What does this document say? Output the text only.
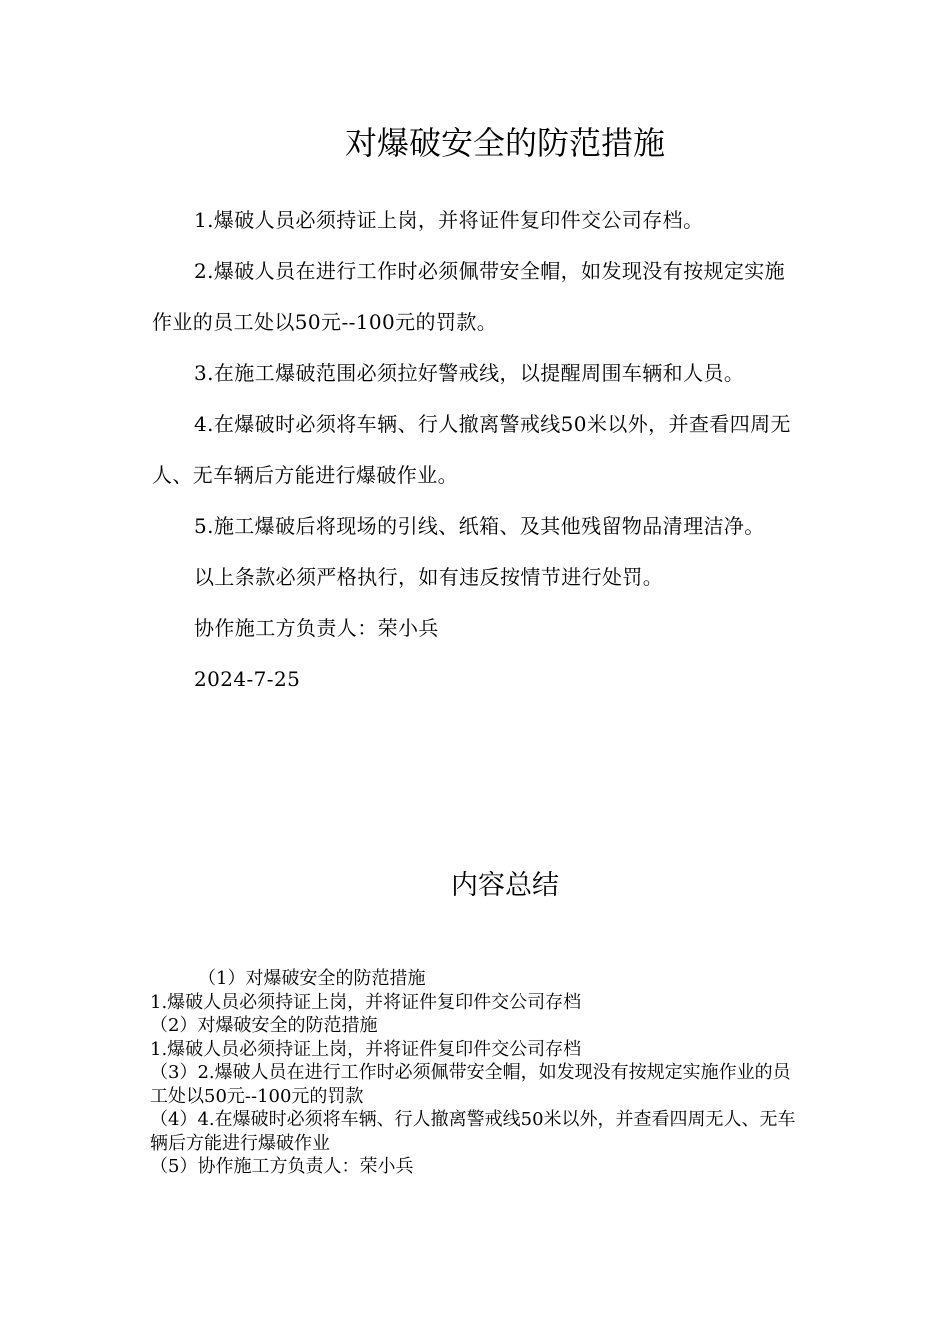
对爆破安全的防范措施

1.爆破人员必须持证上岗，并将证件复印件交公司存档。

2.爆破人员在进行工作时必须佩带安全帽，如发现没有按规定实施作业的员工处以50元--100元的罚款。

3.在施工爆破范围必须拉好警戒线，以提醒周围车辆和人员。

4.在爆破时必须将车辆、行人撤离警戒线50米以外，并查看四周无人、无车辆后方能进行爆破作业。

5.施工爆破后将现场的引线、纸箱、及其他残留物品清理洁净。

以上条款必须严格执行，如有违反按情节进行处罚。

协作施工方负责人：荣小兵

2024-7-25

内容总结

（1）对爆破安全的防范措施

1.爆破人员必须持证上岗，并将证件复印件交公司存档

（2）对爆破安全的防范措施

1.爆破人员必须持证上岗，并将证件复印件交公司存档

（3）2.爆破人员在进行工作时必须佩带安全帽，如发现没有按规定实施作业的员工处以50元--100元的罚款

（4）4.在爆破时必须将车辆、行人撤离警戒线50米以外，并查看四周无人、无车辆后方能进行爆破作业

（5）协作施工方负责人：荣小兵
